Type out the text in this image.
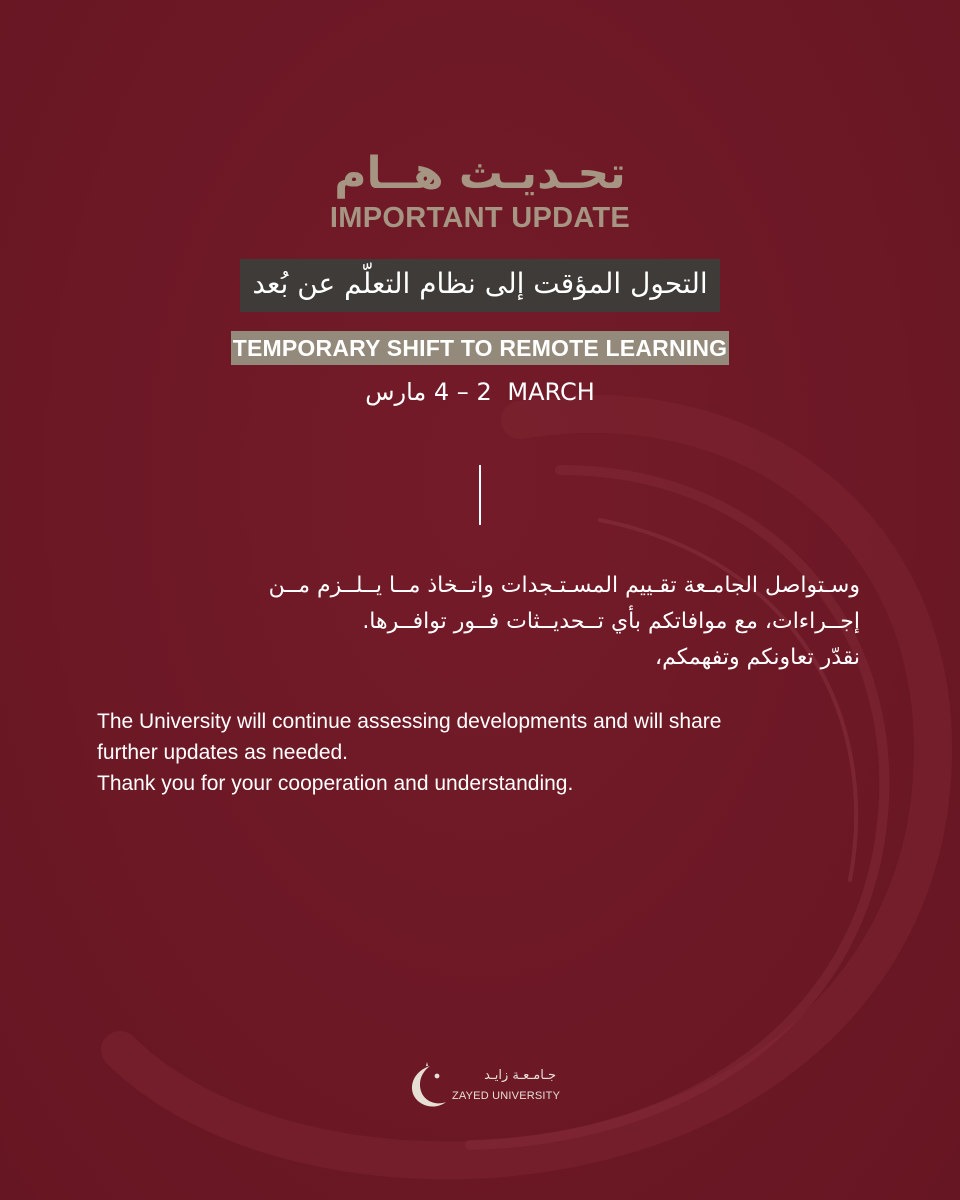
تحـديـث هــام
IMPORTANT UPDATE
التحول المؤقت إلى نظام التعلّم عن بُعد
TEMPORARY SHIFT TO REMOTE LEARNING
2 – 4 مارس MARCH
وسـتواصل الجامـعة تقـييم المسـتـجدات واتــخاذ مــا يــلــزم مــن
إجــراءات، مع موافاتكم بأي تــحديــثات فــور توافــرها.
نقدّر تعاونكم وتفهمكم،
The University will continue assessing developments and will share
further updates as needed.
Thank you for your cooperation and understanding.
جـامـعـة زايـد
ZAYED UNIVERSITY
